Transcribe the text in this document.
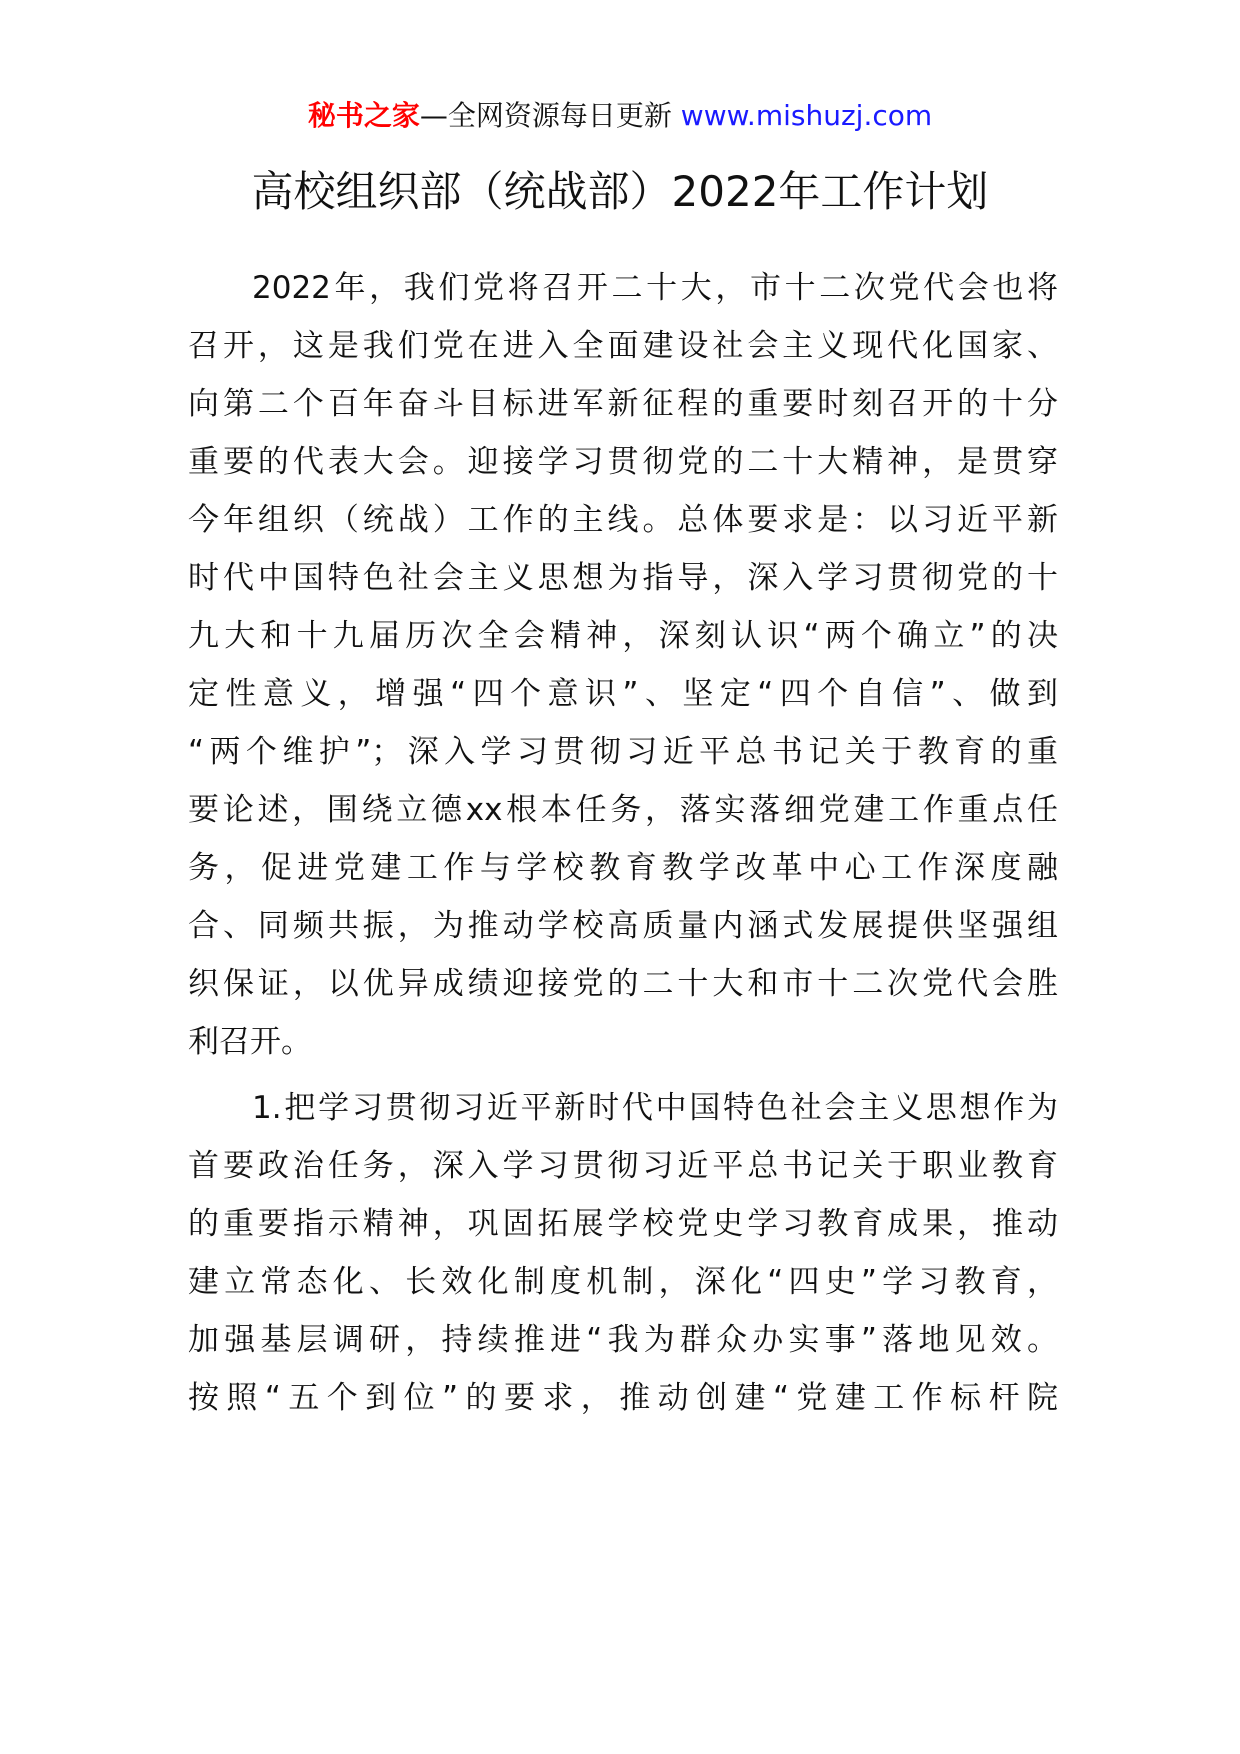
秘书之家—全网资源每日更新 www.mishuzj.com
高校组织部（统战部）2022年工作计划
2022年，我们党将召开二十大，市十二次党代会也将
召开，这是我们党在进入全面建设社会主义现代化国家、
向第二个百年奋斗目标进军新征程的重要时刻召开的十分
重要的代表大会。迎接学习贯彻党的二十大精神，是贯穿
今年组织（统战）工作的主线。总体要求是：以习近平新
时代中国特色社会主义思想为指导，深入学习贯彻党的十
九大和十九届历次全会精神，深刻认识“两个确立”的决
定性意义，增强“四个意识”、坚定“四个自信”、做到
“两个维护”；深入学习贯彻习近平总书记关于教育的重
要论述，围绕立德xx根本任务，落实落细党建工作重点任
务，促进党建工作与学校教育教学改革中心工作深度融
合、同频共振，为推动学校高质量内涵式发展提供坚强组
织保证，以优异成绩迎接党的二十大和市十二次党代会胜
利召开。
1.把学习贯彻习近平新时代中国特色社会主义思想作为
首要政治任务，深入学习贯彻习近平总书记关于职业教育
的重要指示精神，巩固拓展学校党史学习教育成果，推动
建立常态化、长效化制度机制，深化“四史”学习教育，
加强基层调研，持续推进“我为群众办实事”落地见效。
按照“五个到位”的要求，推动创建“党建工作标杆院
